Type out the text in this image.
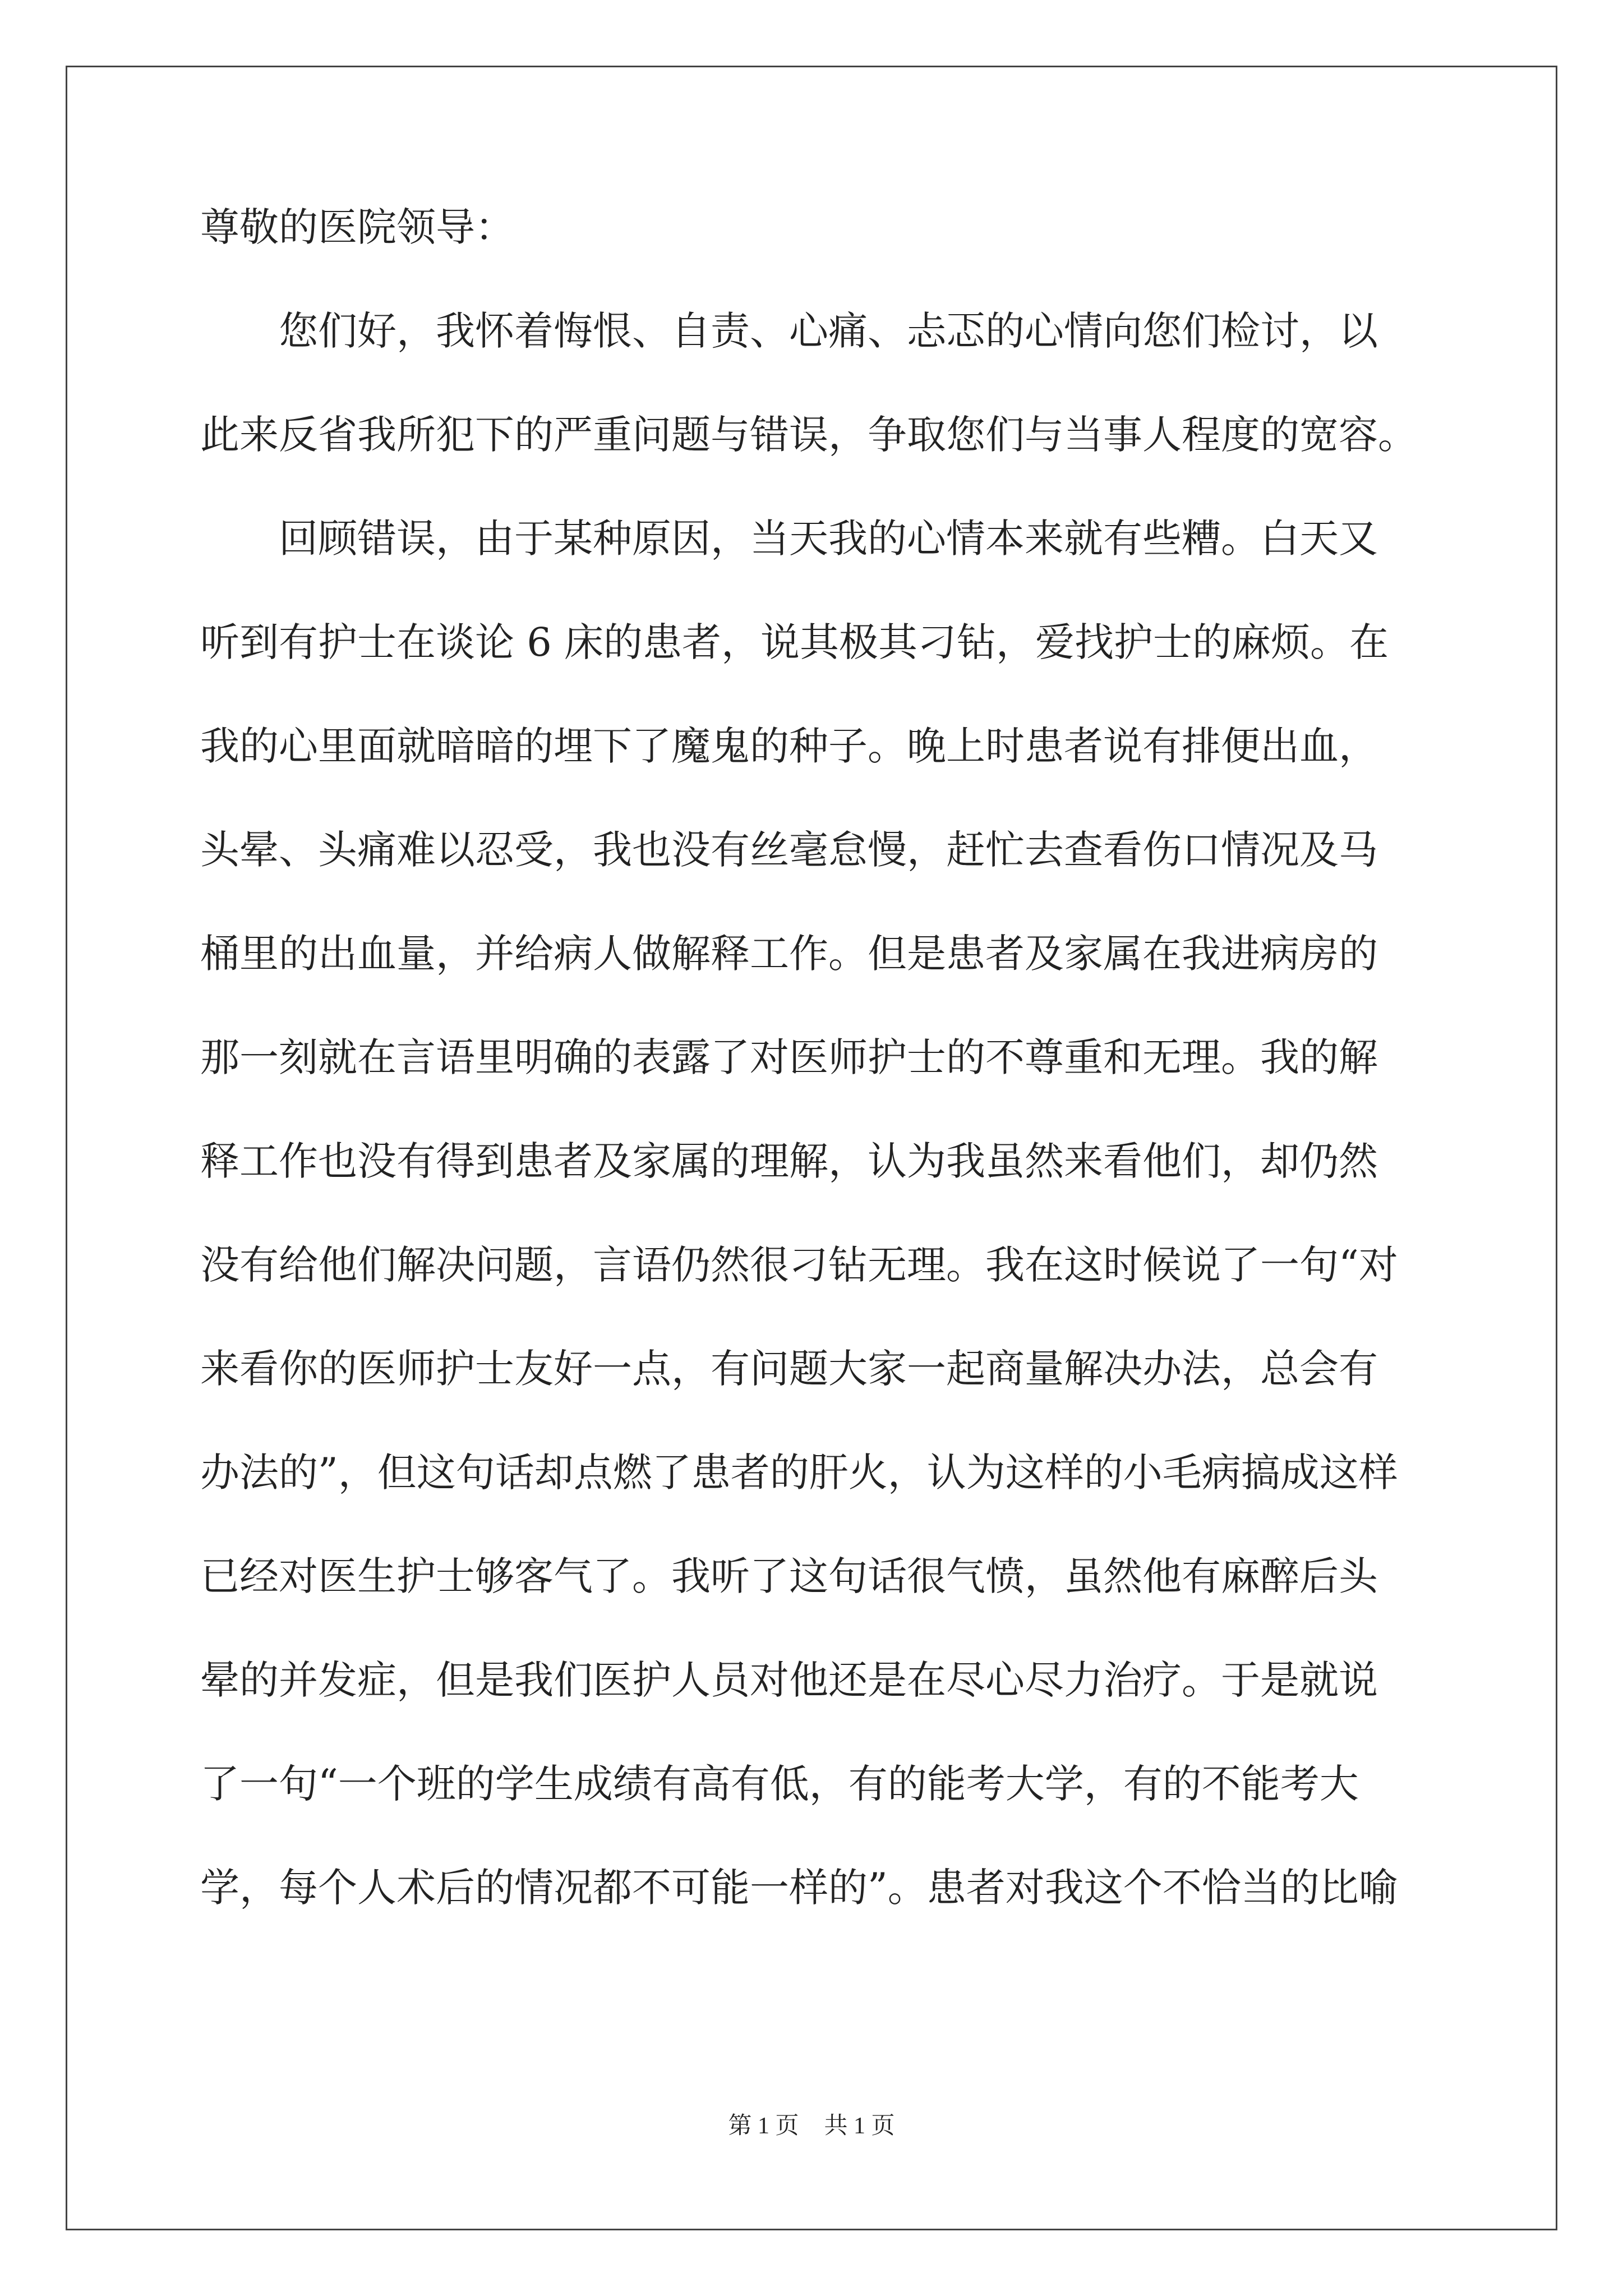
尊敬的医院领导：
您们好，我怀着悔恨、自责、心痛、忐忑的心情向您们检讨，以
此来反省我所犯下的严重问题与错误，争取您们与当事人程度的宽容。
回顾错误，由于某种原因，当天我的心情本来就有些糟。白天又
听到有护士在谈论 6 床的患者，说其极其刁钻，爱找护士的麻烦。在
我的心里面就暗暗的埋下了魔鬼的种子。晚上时患者说有排便出血，
头晕、头痛难以忍受，我也没有丝毫怠慢，赶忙去查看伤口情况及马
桶里的出血量，并给病人做解释工作。但是患者及家属在我进病房的
那一刻就在言语里明确的表露了对医师护士的不尊重和无理。我的解
释工作也没有得到患者及家属的理解，认为我虽然来看他们，却仍然
没有给他们解决问题，言语仍然很刁钻无理。我在这时候说了一句“对
来看你的医师护士友好一点，有问题大家一起商量解决办法，总会有
办法的”，但这句话却点燃了患者的肝火，认为这样的小毛病搞成这样
已经对医生护士够客气了。我听了这句话很气愤，虽然他有麻醉后头
晕的并发症，但是我们医护人员对他还是在尽心尽力治疗。于是就说
了一句“一个班的学生成绩有高有低，有的能考大学，有的不能考大
学，每个人术后的情况都不可能一样的”。患者对我这个不恰当的比喻
第 1 页 共 1 页
